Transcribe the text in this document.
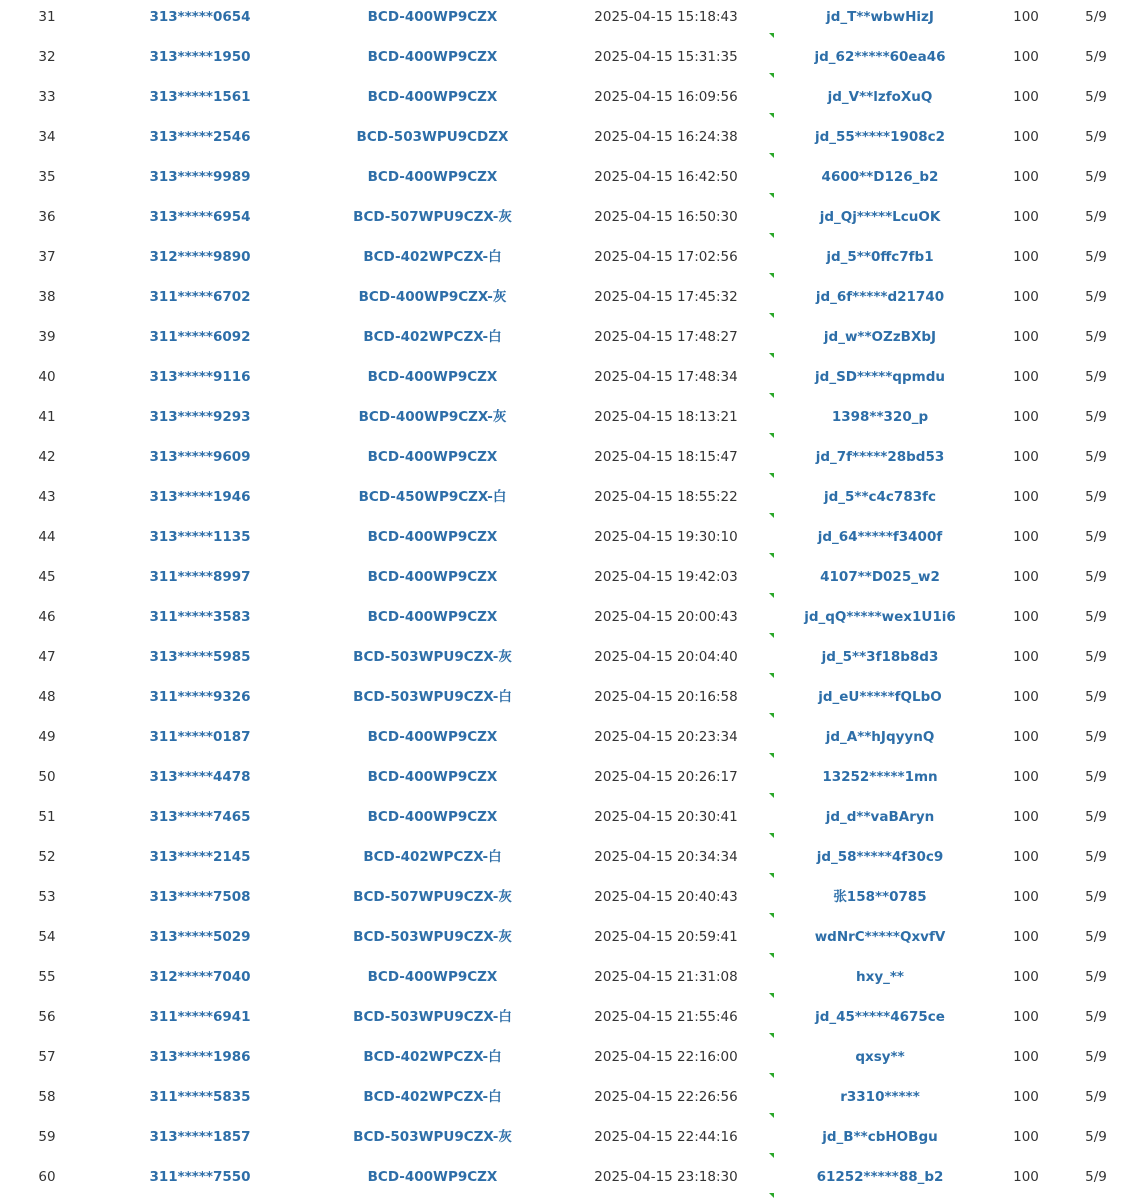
31	313*****0654	BCD-400WP9CZX	2025-04-15 15:18:43	jd_T**wbwHizJ	100	5/9
32	313*****1950	BCD-400WP9CZX	2025-04-15 15:31:35	jd_62*****60ea46	100	5/9
33	313*****1561	BCD-400WP9CZX	2025-04-15 16:09:56	jd_V**lzfoXuQ	100	5/9
34	313*****2546	BCD-503WPU9CDZX	2025-04-15 16:24:38	jd_55*****1908c2	100	5/9
35	313*****9989	BCD-400WP9CZX	2025-04-15 16:42:50	4600**D126_b2	100	5/9
36	313*****6954	BCD-507WPU9CZX-灰	2025-04-15 16:50:30	jd_Qj*****LcuOK	100	5/9
37	312*****9890	BCD-402WPCZX-白	2025-04-15 17:02:56	jd_5**0ffc7fb1	100	5/9
38	311*****6702	BCD-400WP9CZX-灰	2025-04-15 17:45:32	jd_6f*****d21740	100	5/9
39	311*****6092	BCD-402WPCZX-白	2025-04-15 17:48:27	jd_w**OZzBXbJ	100	5/9
40	313*****9116	BCD-400WP9CZX	2025-04-15 17:48:34	jd_SD*****qpmdu	100	5/9
41	313*****9293	BCD-400WP9CZX-灰	2025-04-15 18:13:21	1398**320_p	100	5/9
42	313*****9609	BCD-400WP9CZX	2025-04-15 18:15:47	jd_7f*****28bd53	100	5/9
43	313*****1946	BCD-450WP9CZX-白	2025-04-15 18:55:22	jd_5**c4c783fc	100	5/9
44	313*****1135	BCD-400WP9CZX	2025-04-15 19:30:10	jd_64*****f3400f	100	5/9
45	311*****8997	BCD-400WP9CZX	2025-04-15 19:42:03	4107**D025_w2	100	5/9
46	311*****3583	BCD-400WP9CZX	2025-04-15 20:00:43	jd_qQ*****wex1U1i6	100	5/9
47	313*****5985	BCD-503WPU9CZX-灰	2025-04-15 20:04:40	jd_5**3f18b8d3	100	5/9
48	311*****9326	BCD-503WPU9CZX-白	2025-04-15 20:16:58	jd_eU*****fQLbO	100	5/9
49	311*****0187	BCD-400WP9CZX	2025-04-15 20:23:34	jd_A**hJqyynQ	100	5/9
50	313*****4478	BCD-400WP9CZX	2025-04-15 20:26:17	13252*****1mn	100	5/9
51	313*****7465	BCD-400WP9CZX	2025-04-15 20:30:41	jd_d**vaBAryn	100	5/9
52	313*****2145	BCD-402WPCZX-白	2025-04-15 20:34:34	jd_58*****4f30c9	100	5/9
53	313*****7508	BCD-507WPU9CZX-灰	2025-04-15 20:40:43	张158**0785	100	5/9
54	313*****5029	BCD-503WPU9CZX-灰	2025-04-15 20:59:41	wdNrC*****QxvfV	100	5/9
55	312*****7040	BCD-400WP9CZX	2025-04-15 21:31:08	hxy_**	100	5/9
56	311*****6941	BCD-503WPU9CZX-白	2025-04-15 21:55:46	jd_45*****4675ce	100	5/9
57	313*****1986	BCD-402WPCZX-白	2025-04-15 22:16:00	qxsy**	100	5/9
58	311*****5835	BCD-402WPCZX-白	2025-04-15 22:26:56	r3310*****	100	5/9
59	313*****1857	BCD-503WPU9CZX-灰	2025-04-15 22:44:16	jd_B**cbHOBgu	100	5/9
60	311*****7550	BCD-400WP9CZX	2025-04-15 23:18:30	61252*****88_b2	100	5/9
